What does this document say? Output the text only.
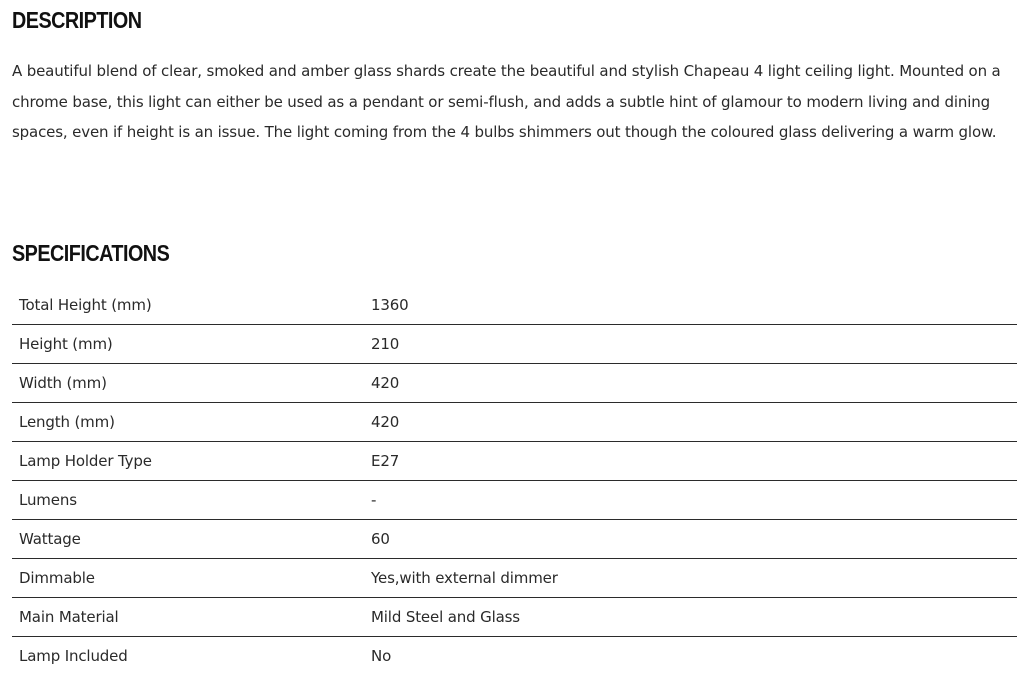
DESCRIPTION

A beautiful blend of clear, smoked and amber glass shards create the beautiful and stylish Chapeau 4 light ceiling light. Mounted on a chrome base, this light can either be used as a pendant or semi-flush, and adds a subtle hint of glamour to modern living and dining spaces, even if height is an issue. The light coming from the 4 bulbs shimmers out though the coloured glass delivering a warm glow.

SPECIFICATIONS
Total Height (mm)	1360
Height (mm)	210
Width (mm)	420
Length (mm)	420
Lamp Holder Type	E27
Lumens	-
Wattage	60
Dimmable	Yes,with external dimmer
Main Material	Mild Steel and Glass
Lamp Included	No
